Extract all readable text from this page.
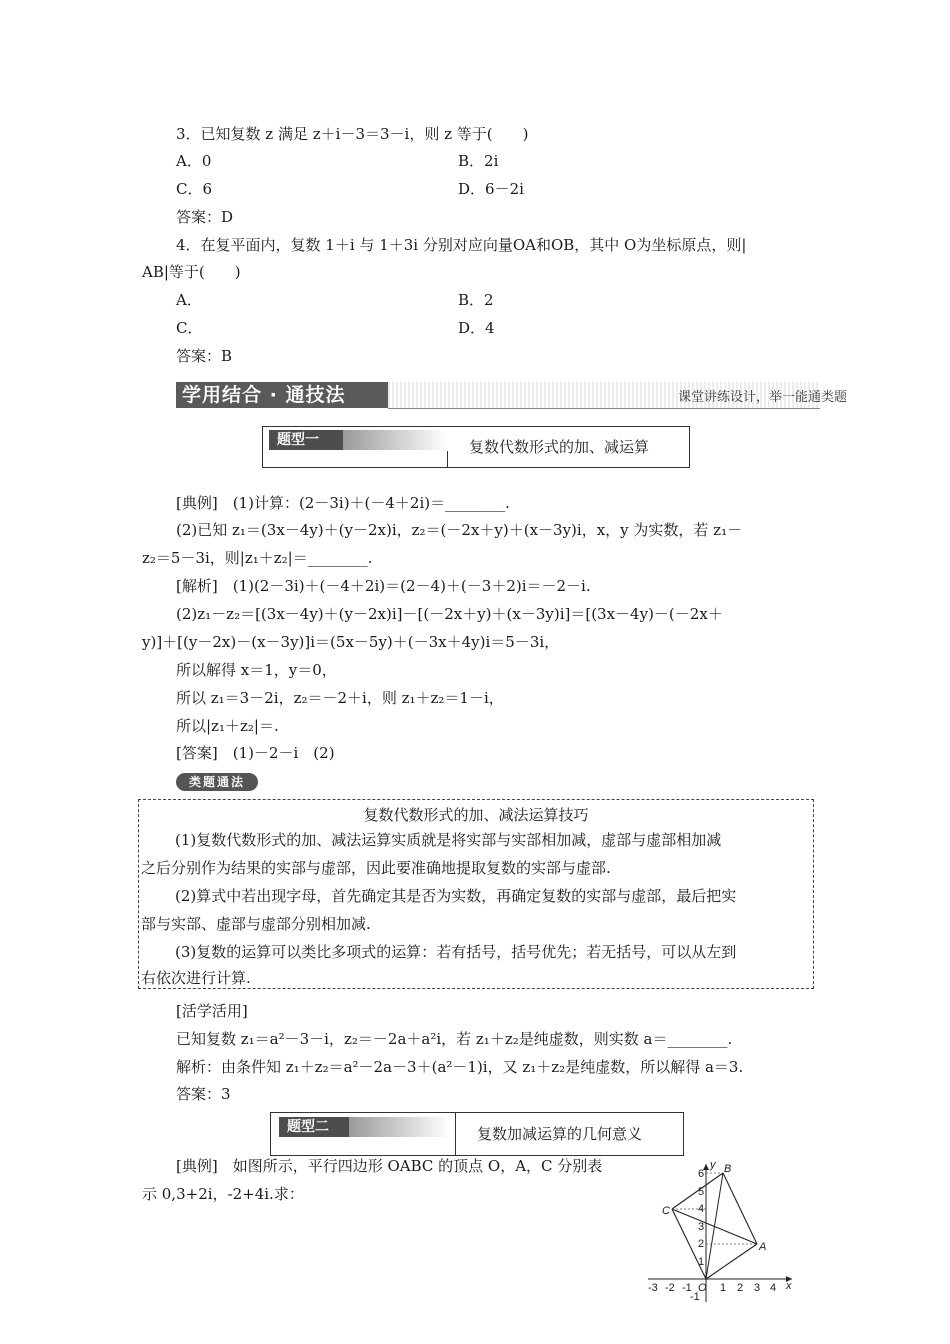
3．已知复数 z 满足 z＋i－3＝3－i，则 z 等于(　　)
A．0	B．2i
C．6	D．6－2i
答案：D
4．在复平面内，复数 1＋i 与 1＋3i 分别对应向量OA和OB，其中 O为坐标原点，则|
AB|等于(　　)
A．	B．2
C．	D．4
答案：B
学用结合 · 通技法	课堂讲练设计，举一能通类题
题型一	复数代数形式的加、减运算
[典例]　(1)计算：(2－3i)＋(－4＋2i)＝________.
(2)已知 z₁＝(3x－4y)＋(y－2x)i，z₂＝(－2x＋y)＋(x－3y)i，x，y 为实数，若 z₁－
z₂＝5－3i，则|z₁＋z₂|＝________.
[解析]　(1)(2－3i)＋(－4＋2i)＝(2－4)＋(－3＋2)i＝－2－i.
(2)z₁－z₂＝[(3x－4y)＋(y－2x)i]－[(－2x＋y)＋(x－3y)i]＝[(3x－4y)－(－2x＋
y)]＋[(y－2x)－(x－3y)]i＝(5x－5y)＋(－3x＋4y)i＝5－3i，
所以解得 x＝1，y＝0，
所以 z₁＝3－2i，z₂＝－2＋i，则 z₁＋z₂＝1－i，
所以|z₁＋z₂|＝.
[答案]　(1)－2－i　(2)
类题通法
复数代数形式的加、减法运算技巧
(1)复数代数形式的加、减法运算实质就是将实部与实部相加减，虚部与虚部相加减
之后分别作为结果的实部与虚部，因此要准确地提取复数的实部与虚部.
(2)算式中若出现字母，首先确定其是否为实数，再确定复数的实部与虚部，最后把实
部与实部、虚部与虚部分别相加减.
(3)复数的运算可以类比多项式的运算：若有括号，括号优先；若无括号，可以从左到
右依次进行计算.
[活学活用]
已知复数 z₁＝a²－3－i，z₂＝－2a＋a²i，若 z₁＋z₂是纯虚数，则实数 a＝________.
解析：由条件知 z₁＋z₂＝a²－2a－3＋(a²－1)i，又 z₁＋z₂是纯虚数，所以解得 a＝3.
答案：3
题型二	复数加减运算的几何意义
[典例]　如图所示，平行四边形 OABC 的顶点 O，A，C 分别表
示 0,3+2i，-2+4i.求：
-3 -2 -1 O 1 2 3 4 x
-1
1
2
3
4
5
6
y
A
B
C
